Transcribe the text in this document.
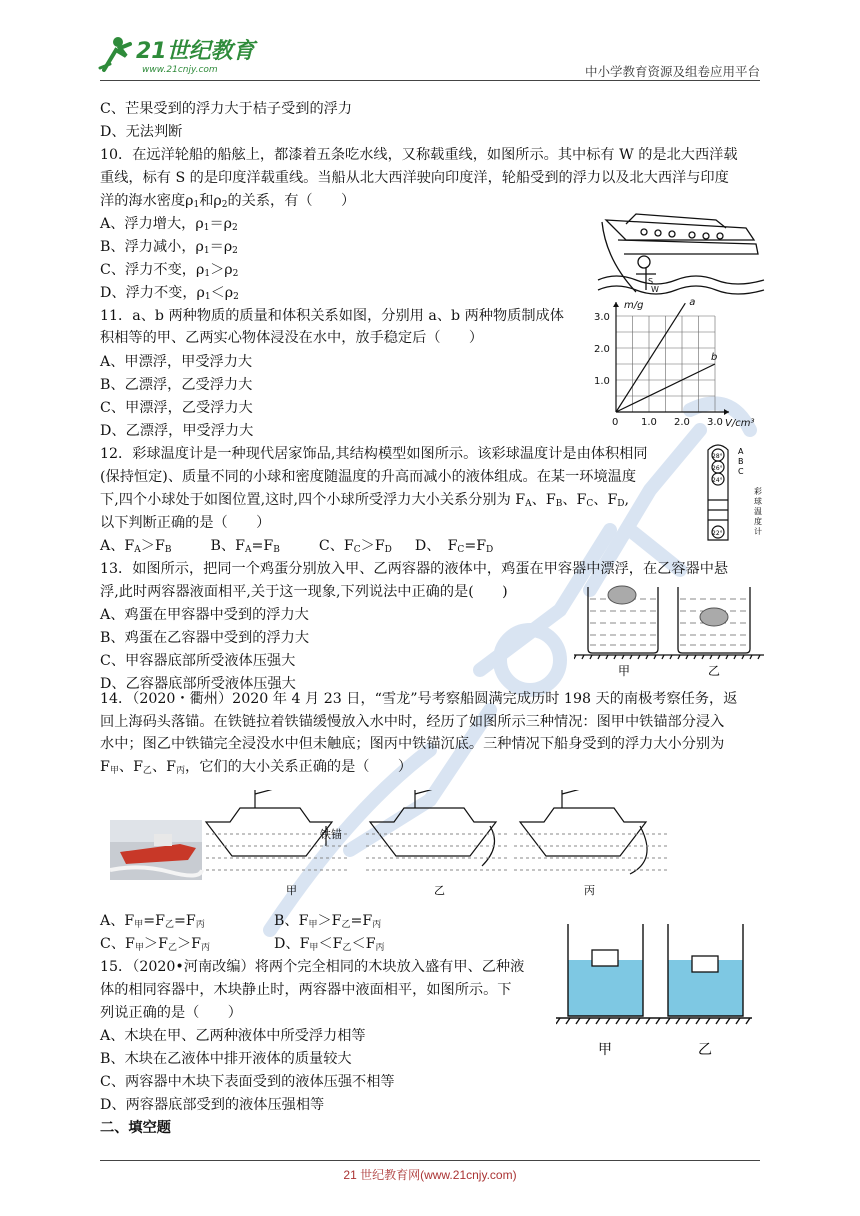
21世纪教育
www.21cnjy.com	中小学教育资源及组卷应用平台
C、芒果受到的浮力大于桔子受到的浮力
D、无法判断
10．在远洋轮船的船舷上，都漆着五条吃水线，又称载重线，如图所示。其中标有 W 的是北大西洋载
重线，标有 S 的是印度洋载重线。当船从北大西洋驶向印度洋，轮船受到的浮力以及北大西洋与印度
洋的海水密度$\rho_1$和$\rho_2$的关系，有（　　）
A、浮力增大，$\rho_1=\rho_2$
B、浮力减小，$\rho_1=\rho_2$
C、浮力不变，$\rho_1>\rho_2$
D、浮力不变，$\rho_1<\rho_2$
S
W
11．a、b 两种物质的质量和体积关系如图，分别用 a、b 两种物质制成体
积相等的甲、乙两实心物体浸没在水中，放手稳定后（　　）
A、甲漂浮，甲受浮力大
B、乙漂浮，乙受浮力大
C、甲漂浮，乙受浮力大
D、乙漂浮，甲受浮力大
0 1.0 2.0 3.0
1.0
2.0
3.0
m/g
V/cm³
a
b
12．彩球温度计是一种现代居家饰品,其结构模型如图所示。该彩球温度计是由体积相同
(保持恒定)、质量不同的小球和密度随温度的升高而减小的液体组成。在某一环境温度
下,四个小球处于如图位置,这时,四个小球所受浮力大小关系分别为 $F_A$、$F_B$、$F_C$、$F_D$,
以下判断正确的是（　　）
A、$F_A>F_B$	B、$F_A=F_B$	C、$F_C>F_D$ D、　$F_C=F_D$
28°
26°
24°
22°
A
B
C
彩
球
温
度
计
13．如图所示，把同一个鸡蛋分别放入甲、乙两容器的液体中，鸡蛋在甲容器中漂浮，在乙容器中悬
浮,此时两容器液面相平,关于这一现象,下列说法中正确的是(　　)
A、鸡蛋在甲容器中受到的浮力大
B、鸡蛋在乙容器中受到的浮力大
C、甲容器底部所受液体压强大
D、乙容器底部所受液体压强大
甲	乙
14．（2020・衢州）2020 年 4 月 23 日，“雪龙”号考察船圆满完成历时 198 天的南极考察任务，返
回上海码头落锚。在铁链拉着铁锚缓慢放入水中时，经历了如图所示三种情况：图甲中铁锚部分浸入
水中；图乙中铁锚完全浸没水中但未触底；图丙中铁锚沉底。三种情况下船身受到的浮力大小分别为
$F_甲$、$F_乙$、$F_丙$，它们的大小关系正确的是（　　）
铁锚
甲	乙	丙
A、$F_甲=F_乙=F_丙$	B、$F_甲>F_乙=F_丙$
C、$F_甲>F_乙>F_丙$	D、$F_甲<F_乙<F_丙$
15．（2020•河南改编）将两个完全相同的木块放入盛有甲、乙种液
体的相同容器中，木块静止时，两容器中液面相平，如图所示。下
列说正确的是（　　）
A、木块在甲、乙两种液体中所受浮力相等
B、木块在乙液体中排开液体的质量较大
C、两容器中木块下表面受到的液体压强不相等
D、两容器底部受到的液体压强相等
甲	乙
二、填空题
21 世纪教育网(www.21cnjy.com)
